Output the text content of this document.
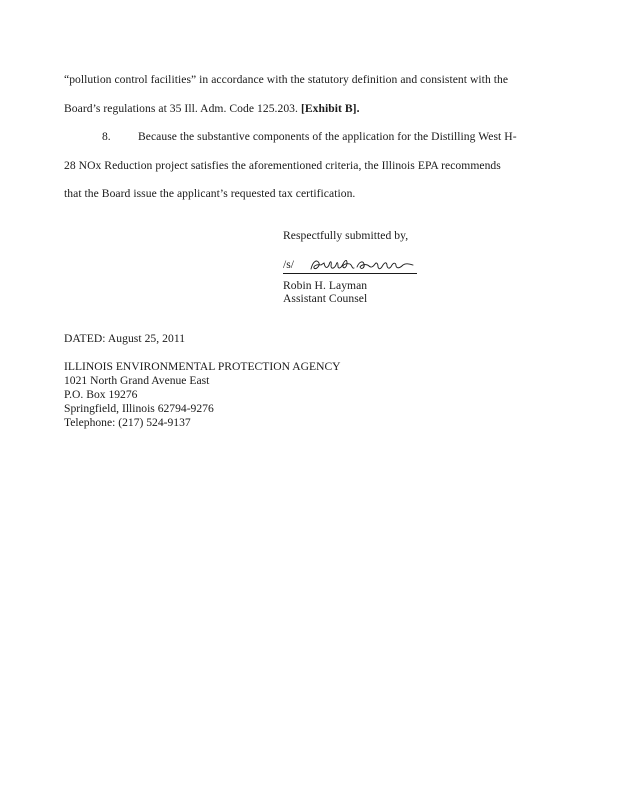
“pollution control facilities” in accordance with the statutory definition and consistent with the
Board’s regulations at 35 Ill. Adm. Code 125.203. [Exhibit B].
8. Because the substantive components of the application for the Distilling West H-
28 NOx Reduction project satisfies the aforementioned criteria, the Illinois EPA recommends
that the Board issue the applicant’s requested tax certification.
Respectfully submitted by,
/s/
Robin H. Layman
Assistant Counsel
DATED: August 25, 2011
ILLINOIS ENVIRONMENTAL PROTECTION AGENCY
1021 North Grand Avenue East
P.O. Box 19276
Springfield, Illinois 62794-9276
Telephone: (217) 524-9137
